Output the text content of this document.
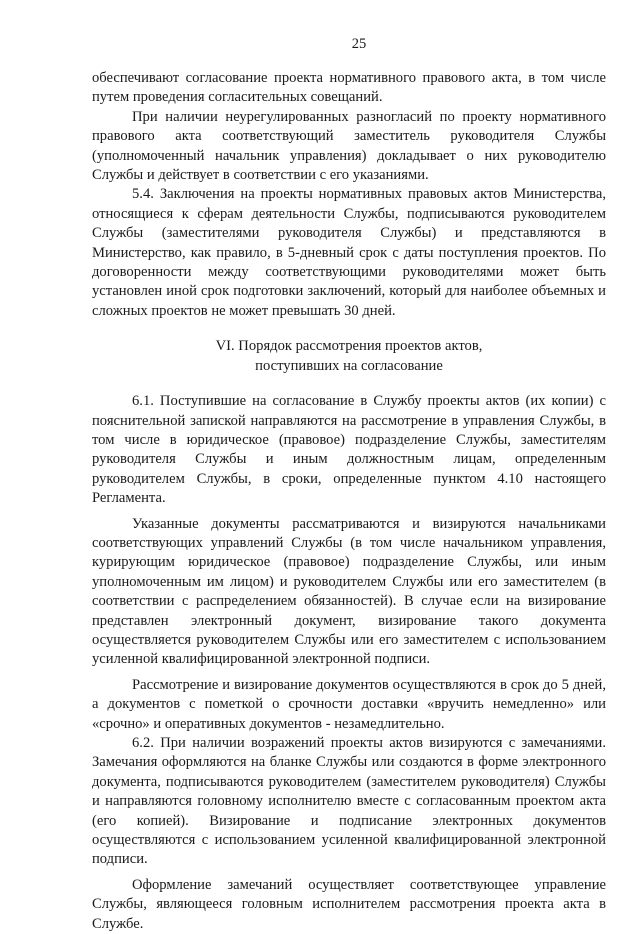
25

обеспечивают согласование проекта нормативного правового акта, в том числе путем проведения согласительных совещаний.

При наличии неурегулированных разногласий по проекту нормативного правового акта соответствующий заместитель руководителя Службы (уполномоченный начальник управления) докладывает о них руководителю Службы и действует в соответствии с его указаниями.

5.4. Заключения на проекты нормативных правовых актов Министерства, относящиеся к сферам деятельности Службы, подписываются руководителем Службы (заместителями руководителя Службы) и представляются в Министерство, как правило, в 5-дневный срок с даты поступления проектов. По договоренности между соответствующими руководителями может быть установлен иной срок подготовки заключений, который для наиболее объемных и сложных проектов не может превышать 30 дней.

VI. Порядок рассмотрения проектов актов,
поступивших на согласование

6.1. Поступившие на согласование в Службу проекты актов (их копии) с пояснительной запиской направляются на рассмотрение в управления Службы, в том числе в юридическое (правовое) подразделение Службы, заместителям руководителя Службы и иным должностным лицам, определенным руководителем Службы, в сроки, определенные пунктом 4.10 настоящего Регламента.

Указанные документы рассматриваются и визируются начальниками соответствующих управлений Службы (в том числе начальником управления, курирующим юридическое (правовое) подразделение Службы, или иным уполномоченным им лицом) и руководителем Службы или его заместителем (в соответствии с распределением обязанностей). В случае если на визирование представлен электронный документ, визирование такого документа осуществляется руководителем Службы или его заместителем с использованием усиленной квалифицированной электронной подписи.

Рассмотрение и визирование документов осуществляются в срок до 5 дней, а документов с пометкой о срочности доставки «вручить немедленно» или «срочно» и оперативных документов - незамедлительно.

6.2. При наличии возражений проекты актов визируются с замечаниями. Замечания оформляются на бланке Службы или создаются в форме электронного документа, подписываются руководителем (заместителем руководителя) Службы и направляются головному исполнителю вместе с согласованным проектом акта (его копией). Визирование и подписание электронных документов осуществляются с использованием усиленной квалифицированной электронной подписи.

Оформление замечаний осуществляет соответствующее управление Службы, являющееся головным исполнителем рассмотрения проекта акта в Службе.
